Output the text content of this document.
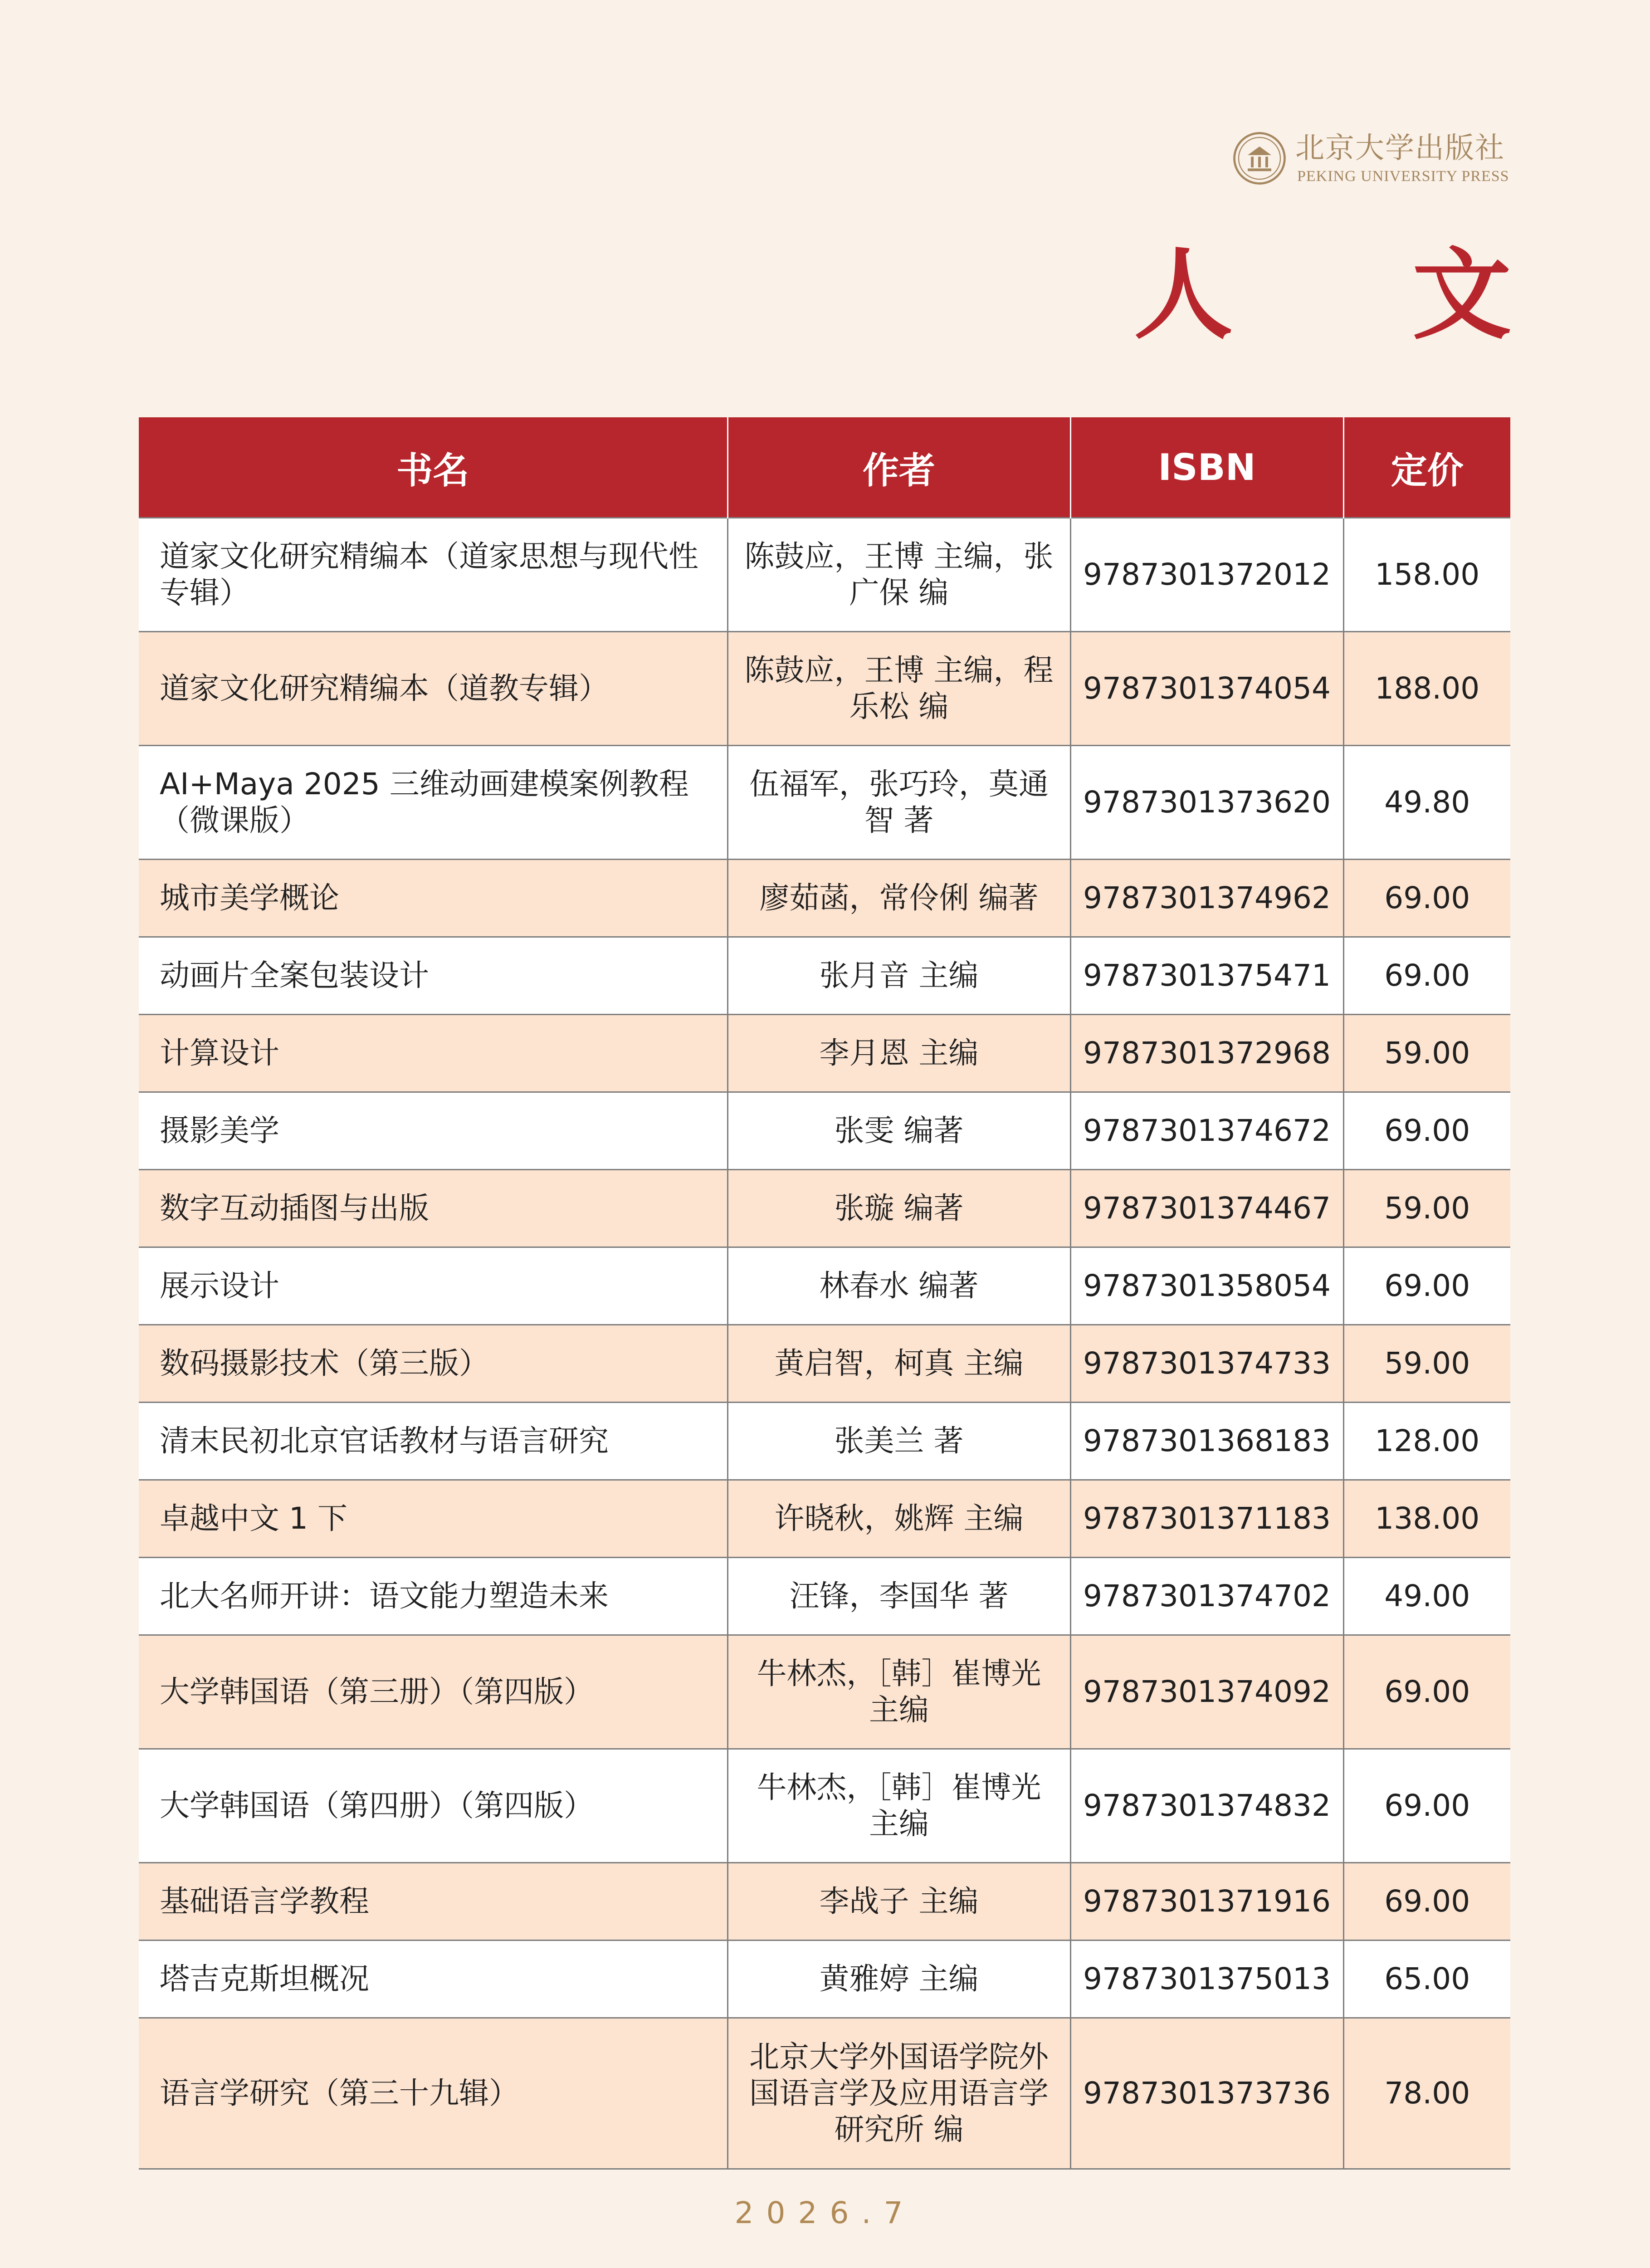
北京大学出版社
PEKING UNIVERSITY PRESS
人 文
书名	作者	ISBN	定价
道家文化研究精编本（道家思想与现代性专辑）	陈鼓应，王博 主编，张广保 编	9787301372012	158.00
道家文化研究精编本（道教专辑）	陈鼓应，王博 主编，程乐松 编	9787301374054	188.00
AI+Maya 2025 三维动画建模案例教程（微课版）	伍福军，张巧玲，莫通智 著	9787301373620	49.80
城市美学概论	廖茹菡，常伶俐 编著	9787301374962	69.00
动画片全案包装设计	张月音 主编	9787301375471	69.00
计算设计	李月恩 主编	9787301372968	59.00
摄影美学	张雯 编著	9787301374672	69.00
数字互动插图与出版	张璇 编著	9787301374467	59.00
展示设计	林春水 编著	9787301358054	69.00
数码摄影技术（第三版）	黄启智，柯真 主编	9787301374733	59.00
清末民初北京官话教材与语言研究	张美兰 著	9787301368183	128.00
卓越中文 1 下	许晓秋，姚辉 主编	9787301371183	138.00
北大名师开讲：语文能力塑造未来	汪锋，李国华 著	9787301374702	49.00
大学韩国语（第三册）（第四版）	牛林杰，［韩］崔博光 主编	9787301374092	69.00
大学韩国语（第四册）（第四版）	牛林杰，［韩］崔博光 主编	9787301374832	69.00
基础语言学教程	李战子 主编	9787301371916	69.00
塔吉克斯坦概况	黄雅婷 主编	9787301375013	65.00
语言学研究（第三十九辑）	北京大学外国语学院外国语言学及应用语言学研究所 编	9787301373736	78.00
2026.7
